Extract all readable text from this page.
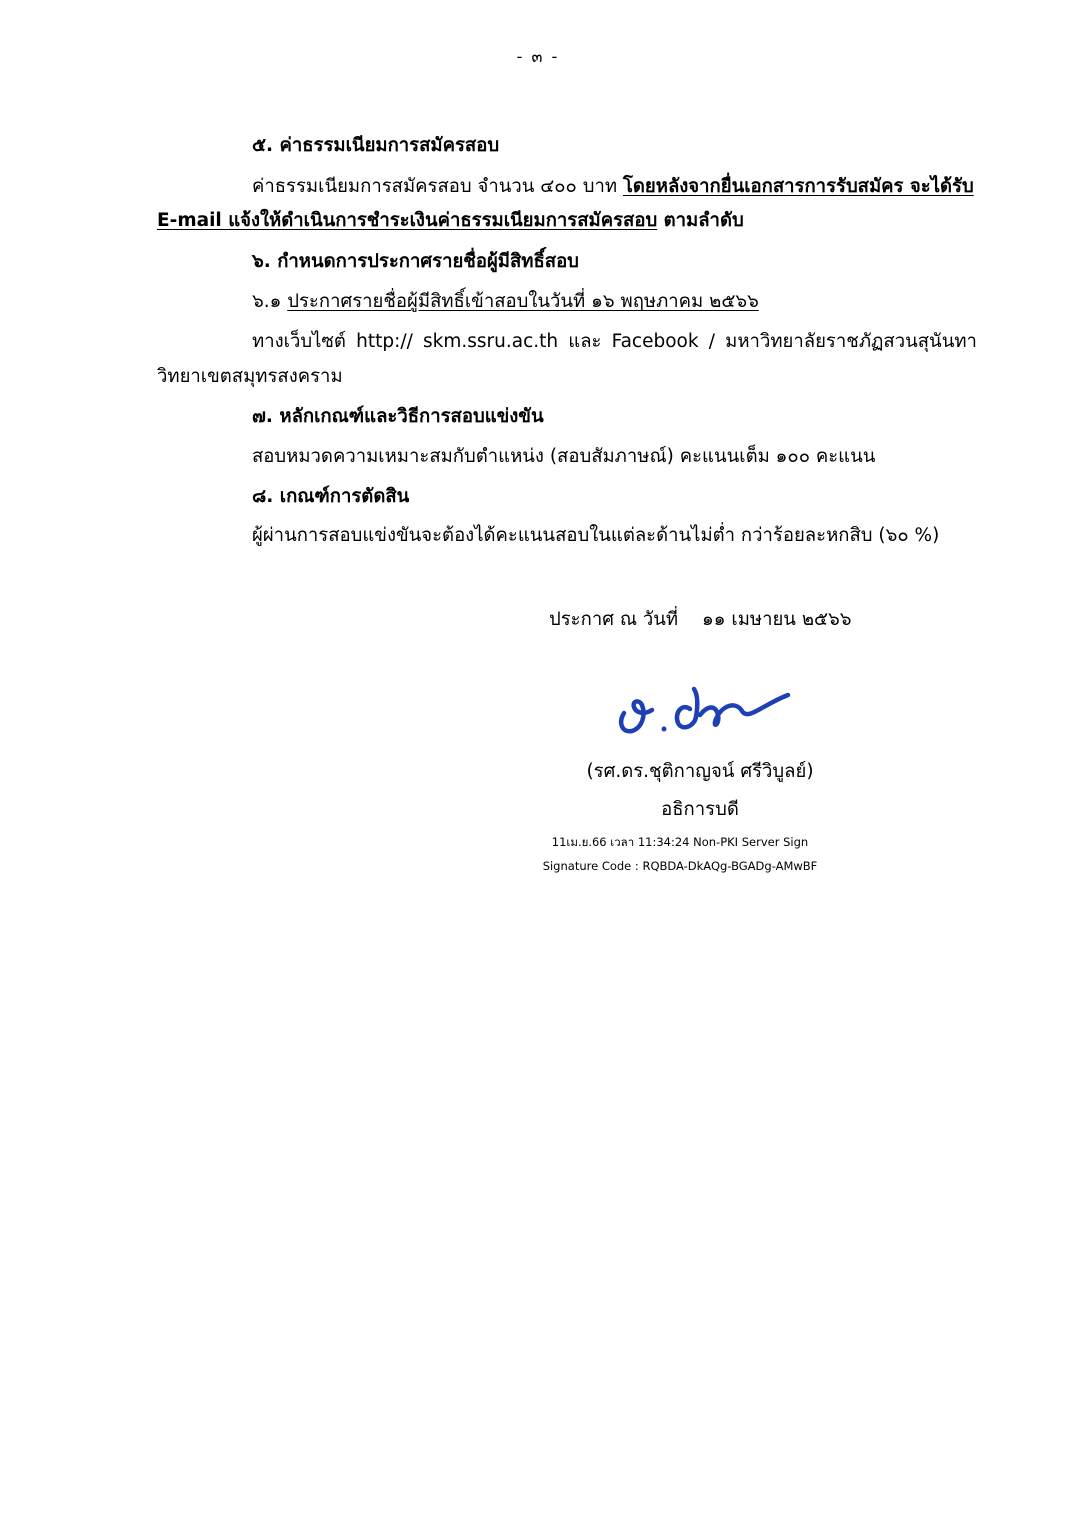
- ๓ -
๕. ค่าธรรมเนียมการสมัครสอบ
ค่าธรรมเนียมการสมัครสอบ จำนวน ๔๐๐ บาท โดยหลังจากยื่นเอกสารการรับสมัคร จะได้รับ
E-mail แจ้งให้ดำเนินการชำระเงินค่าธรรมเนียมการสมัครสอบ ตามลำดับ
๖. กำหนดการประกาศรายชื่อผู้มีสิทธิ์สอบ
๖.๑ ประกาศรายชื่อผู้มีสิทธิ์เข้าสอบในวันที่ ๑๖ พฤษภาคม ๒๕๖๖
ทางเว็บไซต์ http:// skm.ssru.ac.th และ Facebook / มหาวิทยาลัยราชภัฏสวนสุนันทา
วิทยาเขตสมุทรสงคราม
๗. หลักเกณฑ์และวิธีการสอบแข่งขัน
สอบหมวดความเหมาะสมกับตำแหน่ง (สอบสัมภาษณ์) คะแนนเต็ม ๑๐๐ คะแนน
๘. เกณฑ์การตัดสิน
ผู้ผ่านการสอบแข่งขันจะต้องได้คะแนนสอบในแต่ละด้านไม่ต่ำ กว่าร้อยละหกสิบ (๖๐ %)
ประกาศ ณ วันที่ ๑๑ เมษายน ๒๕๖๖
(รศ.ดร.ชุติกาญจน์ ศรีวิบูลย์)
อธิการบดี
11เม.ย.66 เวลา 11:34:24 Non-PKI Server Sign
Signature Code : RQBDA-DkAQg-BGADg-AMwBF
